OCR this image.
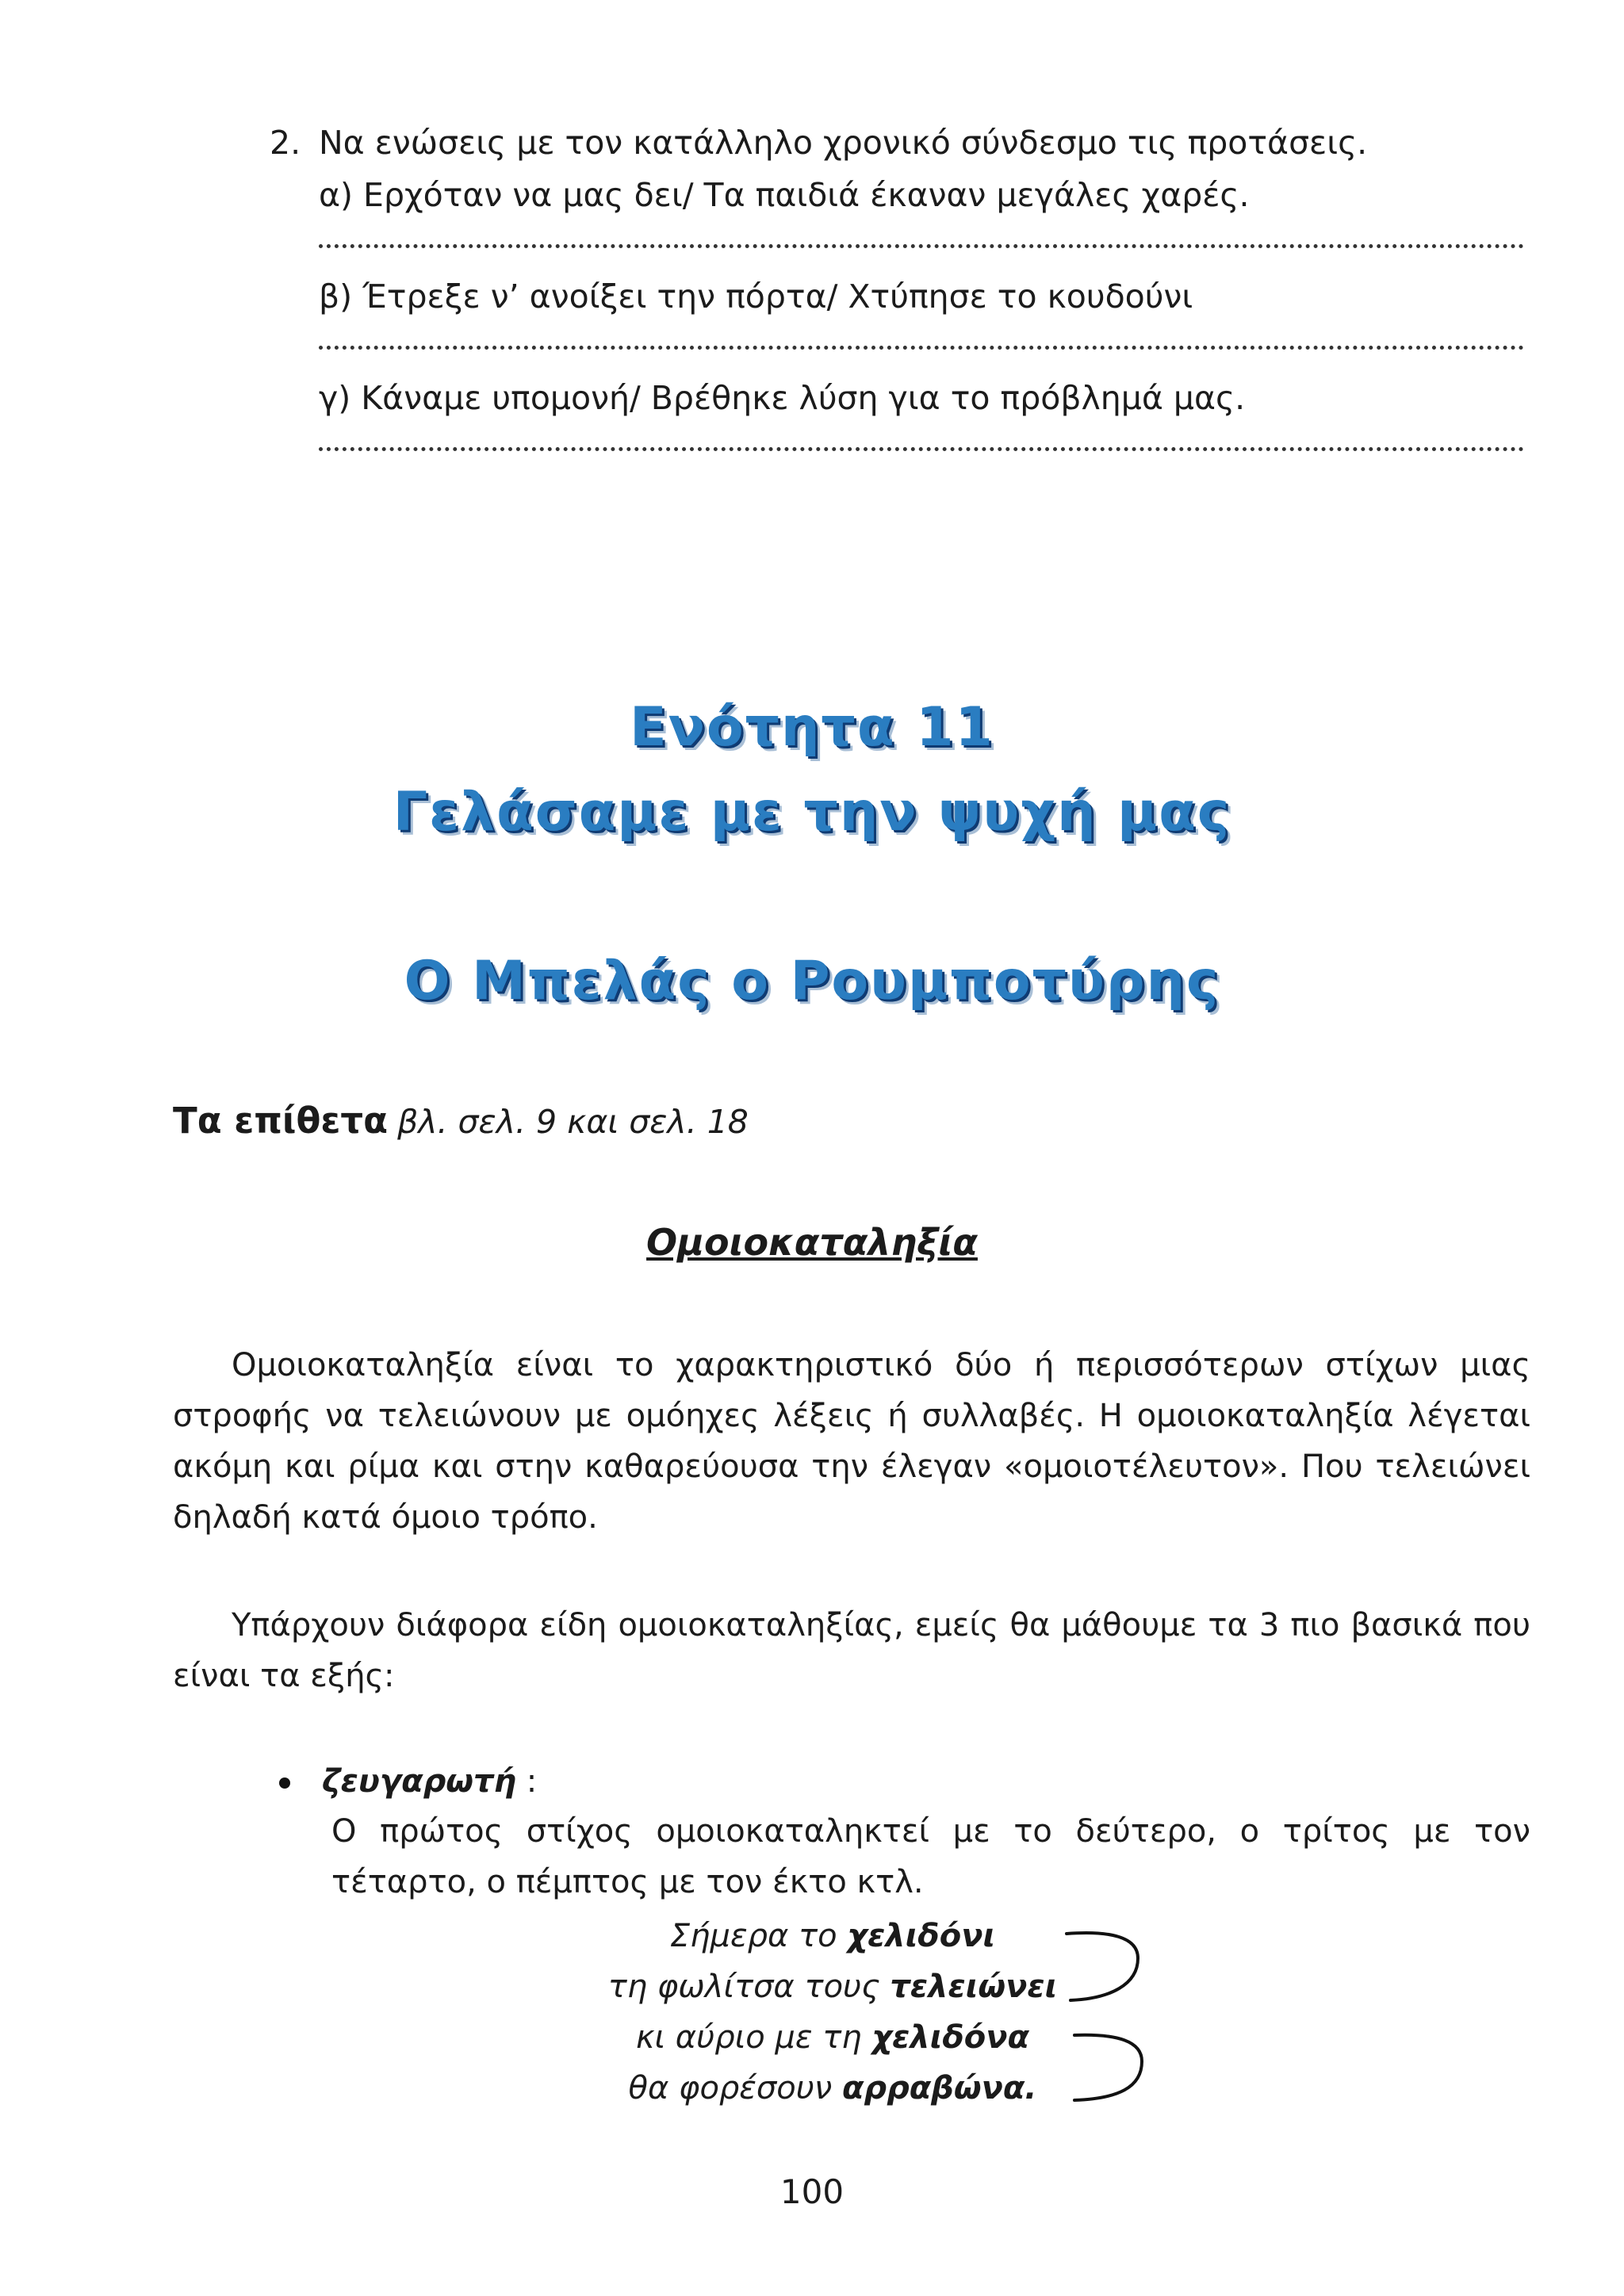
2. Να ενώσεις με τον κατάλληλο χρονικό σύνδεσμο τις προτάσεις.
α) Ερχόταν να μας δει/ Τα παιδιά έκαναν μεγάλες χαρές.
β) Έτρεξε ν’ ανοίξει την πόρτα/ Χτύπησε το κουδούνι
γ) Κάναμε υπομονή/ Βρέθηκε λύση για το πρόβλημά μας.
Ενότητα 11
Γελάσαμε με την ψυχή μας
Ο Μπελάς ο Ρουμποτύρης
Τα επίθετα βλ. σελ. 9 και σελ. 18
Ομοιοκαταληξία
Ομοιοκαταληξία είναι το χαρακτηριστικό δύο ή περισσότερων στίχων μιας στροφής να τελειώνουν με ομόηχες λέξεις ή συλλαβές. Η ομοιοκαταληξία λέγεται ακόμη και ρίμα και στην καθαρεύουσα την έλεγαν «ομοιοτέλευτον». Που τελειώνει δηλαδή κατά όμοιο τρόπο.
Υπάρχουν διάφορα είδη ομοιοκαταληξίας, εμείς θα μάθουμε τα 3 πιο βασικά που είναι τα εξής:
ζευγαρωτή :
Ο πρώτος στίχος ομοιοκαταληκτεί με το δεύτερο, ο τρίτος με τον τέταρτο, ο πέμπτος με τον έκτο κτλ.
Σήμερα το χελιδόνι
τη φωλίτσα τους τελειώνει
κι αύριο με τη χελιδόνα
θα φορέσουν αρραβώνα.
100
